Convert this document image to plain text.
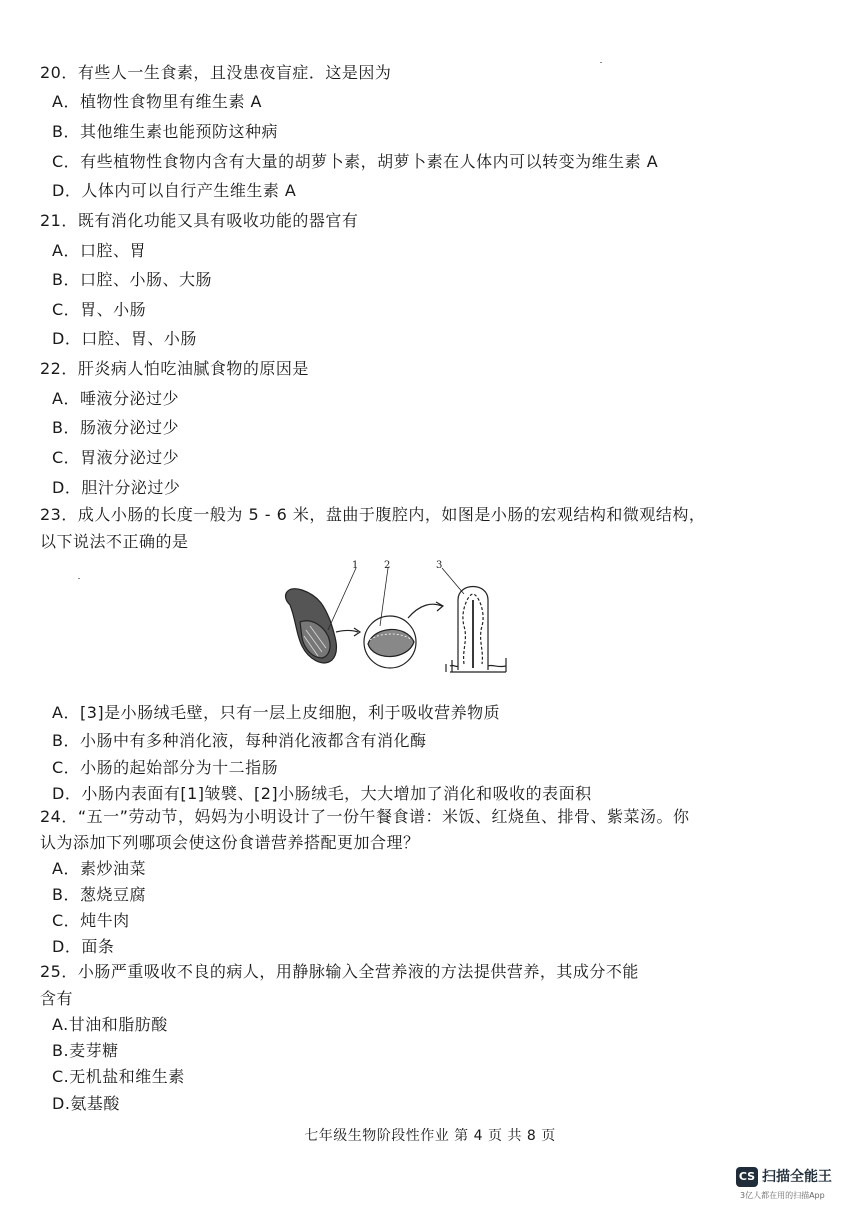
20．有些人一生食素，且没患夜盲症．这是因为
A．植物性食物里有维生素 A
B．其他维生素也能预防这种病
C．有些植物性食物内含有大量的胡萝卜素，胡萝卜素在人体内可以转变为维生素 A
D．人体内可以自行产生维生素 A
21．既有消化功能又具有吸收功能的器官有
A．口腔、胃
B．口腔、小肠、大肠
C．胃、小肠
D．口腔、胃、小肠
22．肝炎病人怕吃油腻食物的原因是
A．唾液分泌过少
B．肠液分泌过少
C．胃液分泌过少
D．胆汁分泌过少
23．成人小肠的长度一般为 5 - 6 米，盘曲于腹腔内，如图是小肠的宏观结构和微观结构，
以下说法不正确的是
1	2	3
A．[3]是小肠绒毛壁，只有一层上皮细胞，利于吸收营养物质
B．小肠中有多种消化液，每种消化液都含有消化酶
C．小肠的起始部分为十二指肠
D．小肠内表面有[1]皱襞、[2]小肠绒毛，大大增加了消化和吸收的表面积
24．“五一”劳动节，妈妈为小明设计了一份午餐食谱：米饭、红烧鱼、排骨、紫菜汤。你
认为添加下列哪项会使这份食谱营养搭配更加合理？
A．素炒油菜
B．葱烧豆腐
C．炖牛肉
D．面条
25．小肠严重吸收不良的病人，用静脉输入全营养液的方法提供营养，其成分不能
含有
A.甘油和脂肪酸
B.麦芽糖
C.无机盐和维生素
D.氨基酸
七年级生物阶段性作业 第 4 页 共 8 页
CS 扫描全能王
3亿人都在用的扫描App
